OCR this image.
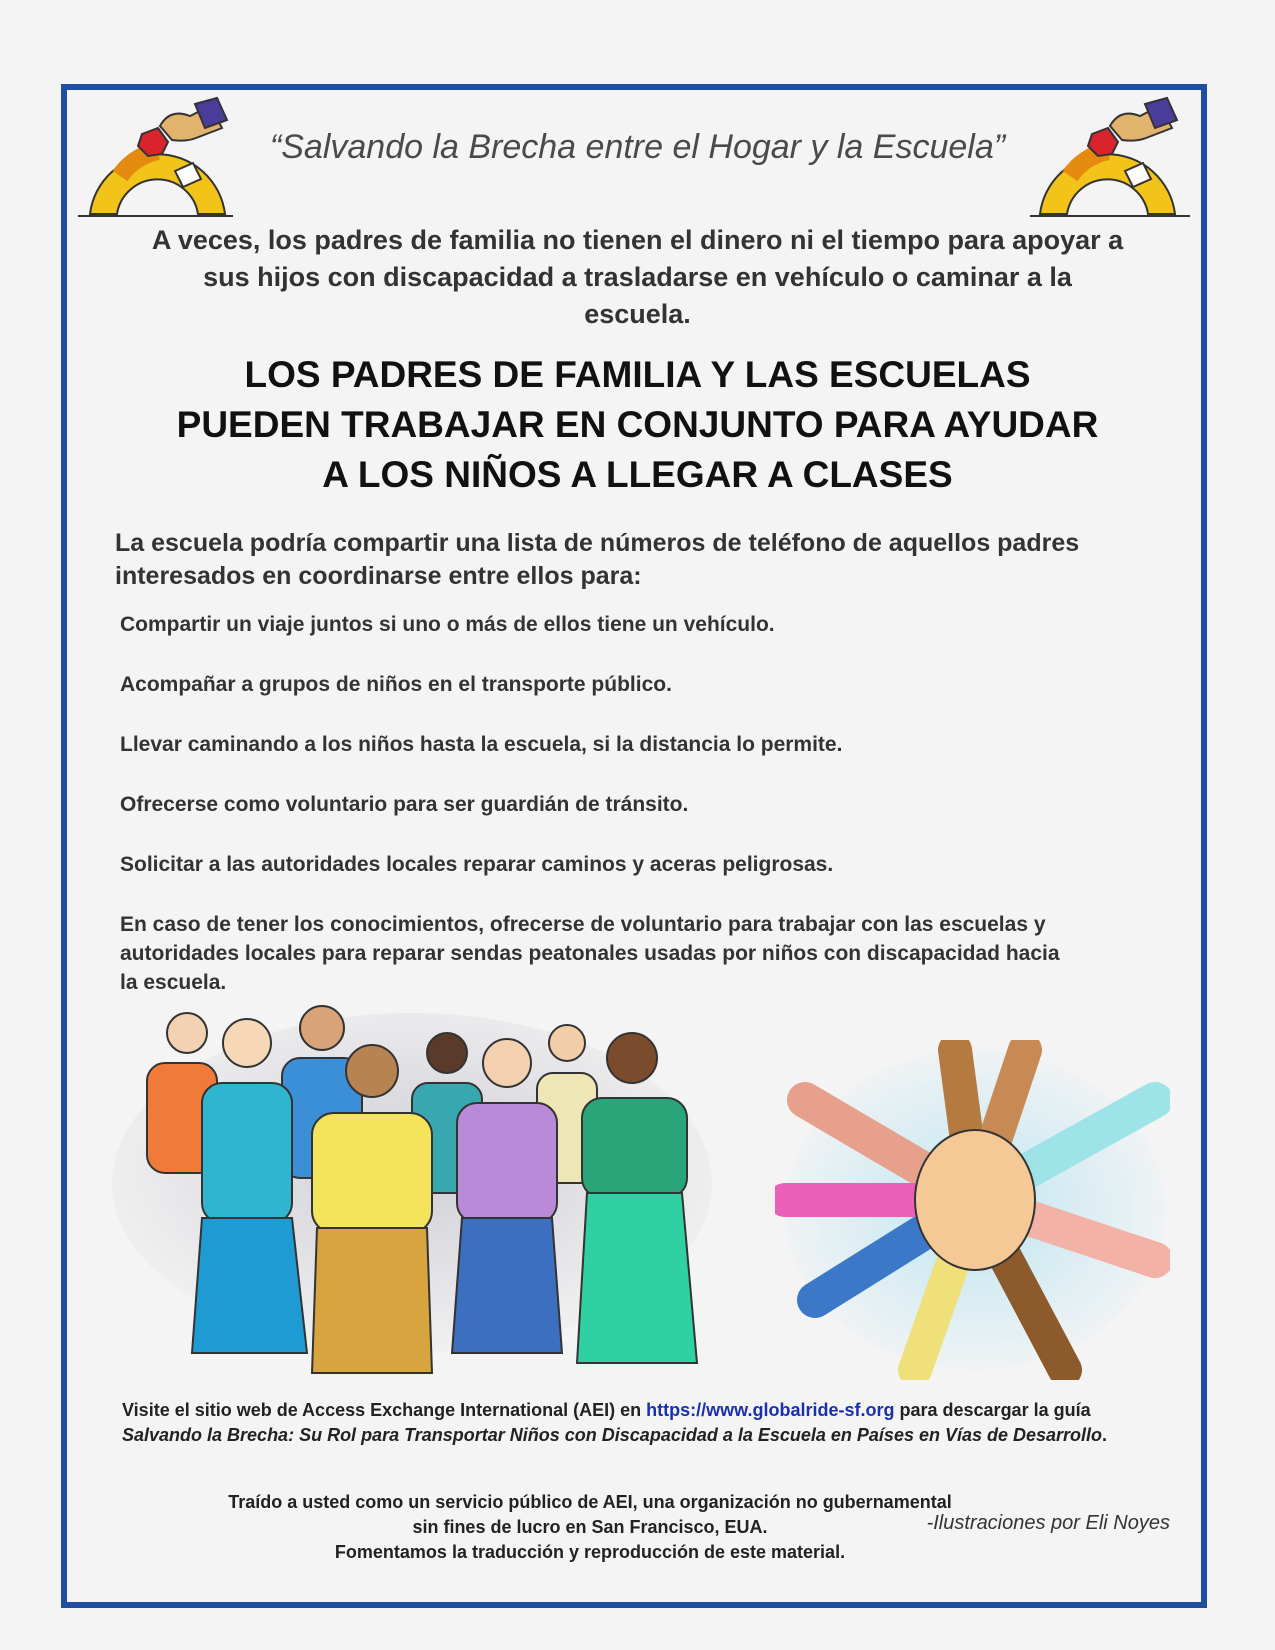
“Salvando la Brecha entre el Hogar y la Escuela”
A veces, los padres de familia no tienen el dinero ni el tiempo para apoyar a sus hijos con discapacidad a trasladarse en vehículo o caminar a la escuela.
LOS PADRES DE FAMILIA Y LAS ESCUELAS
PUEDEN TRABAJAR EN CONJUNTO PARA AYUDAR
A LOS NIÑOS A LLEGAR A CLASES
La escuela podría compartir una lista de números de teléfono de aquellos padres interesados en coordinarse entre ellos para:
Compartir un viaje juntos si uno o más de ellos tiene un vehículo.
Acompañar a grupos de niños en el transporte público.
Llevar caminando a los niños hasta la escuela, si la distancia lo permite.
Ofrecerse como voluntario para ser guardián de tránsito.
Solicitar a las autoridades locales reparar caminos y aceras peligrosas.
En caso de tener los conocimientos, ofrecerse de voluntario para trabajar con las escuelas y autoridades locales para reparar sendas peatonales usadas por niños con discapacidad hacia la escuela.
Visite el sitio web de Access Exchange International (AEI) en https://www.globalride-sf.org para descargar la guía Salvando la Brecha: Su Rol para Transportar Niños con Discapacidad a la Escuela en Países en Vías de Desarrollo.
Traído a usted como un servicio público de AEI, una organización no gubernamental
sin fines de lucro en San Francisco, EUA.
Fomentamos la traducción y reproducción de este material.
-Ilustraciones por Eli Noyes
